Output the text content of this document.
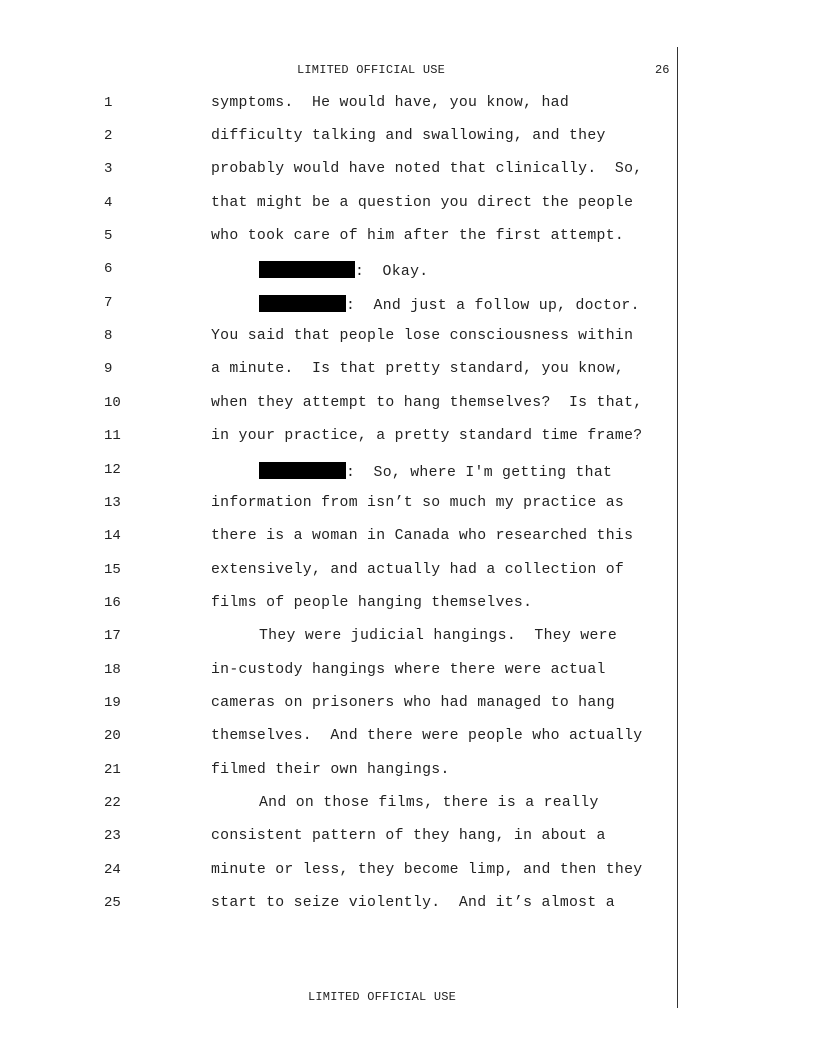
LIMITED OFFICIAL USE	26
1	symptoms.  He would have, you know, had
2	difficulty talking and swallowing, and they
3	probably would have noted that clinically.  So,
4	that might be a question you direct the people
5	who took care of him after the first attempt.
6	:  Okay.
7	:  And just a follow up, doctor.
8	You said that people lose consciousness within
9	a minute.  Is that pretty standard, you know,
10	when they attempt to hang themselves?  Is that,
11	in your practice, a pretty standard time frame?
12	:  So, where I'm getting that
13	information from isn’t so much my practice as
14	there is a woman in Canada who researched this
15	extensively, and actually had a collection of
16	films of people hanging themselves.
17	They were judicial hangings.  They were
18	in-custody hangings where there were actual
19	cameras on prisoners who had managed to hang
20	themselves.  And there were people who actually
21	filmed their own hangings.
22	And on those films, there is a really
23	consistent pattern of they hang, in about a
24	minute or less, they become limp, and then they
25	start to seize violently.  And it’s almost a
LIMITED OFFICIAL USE
